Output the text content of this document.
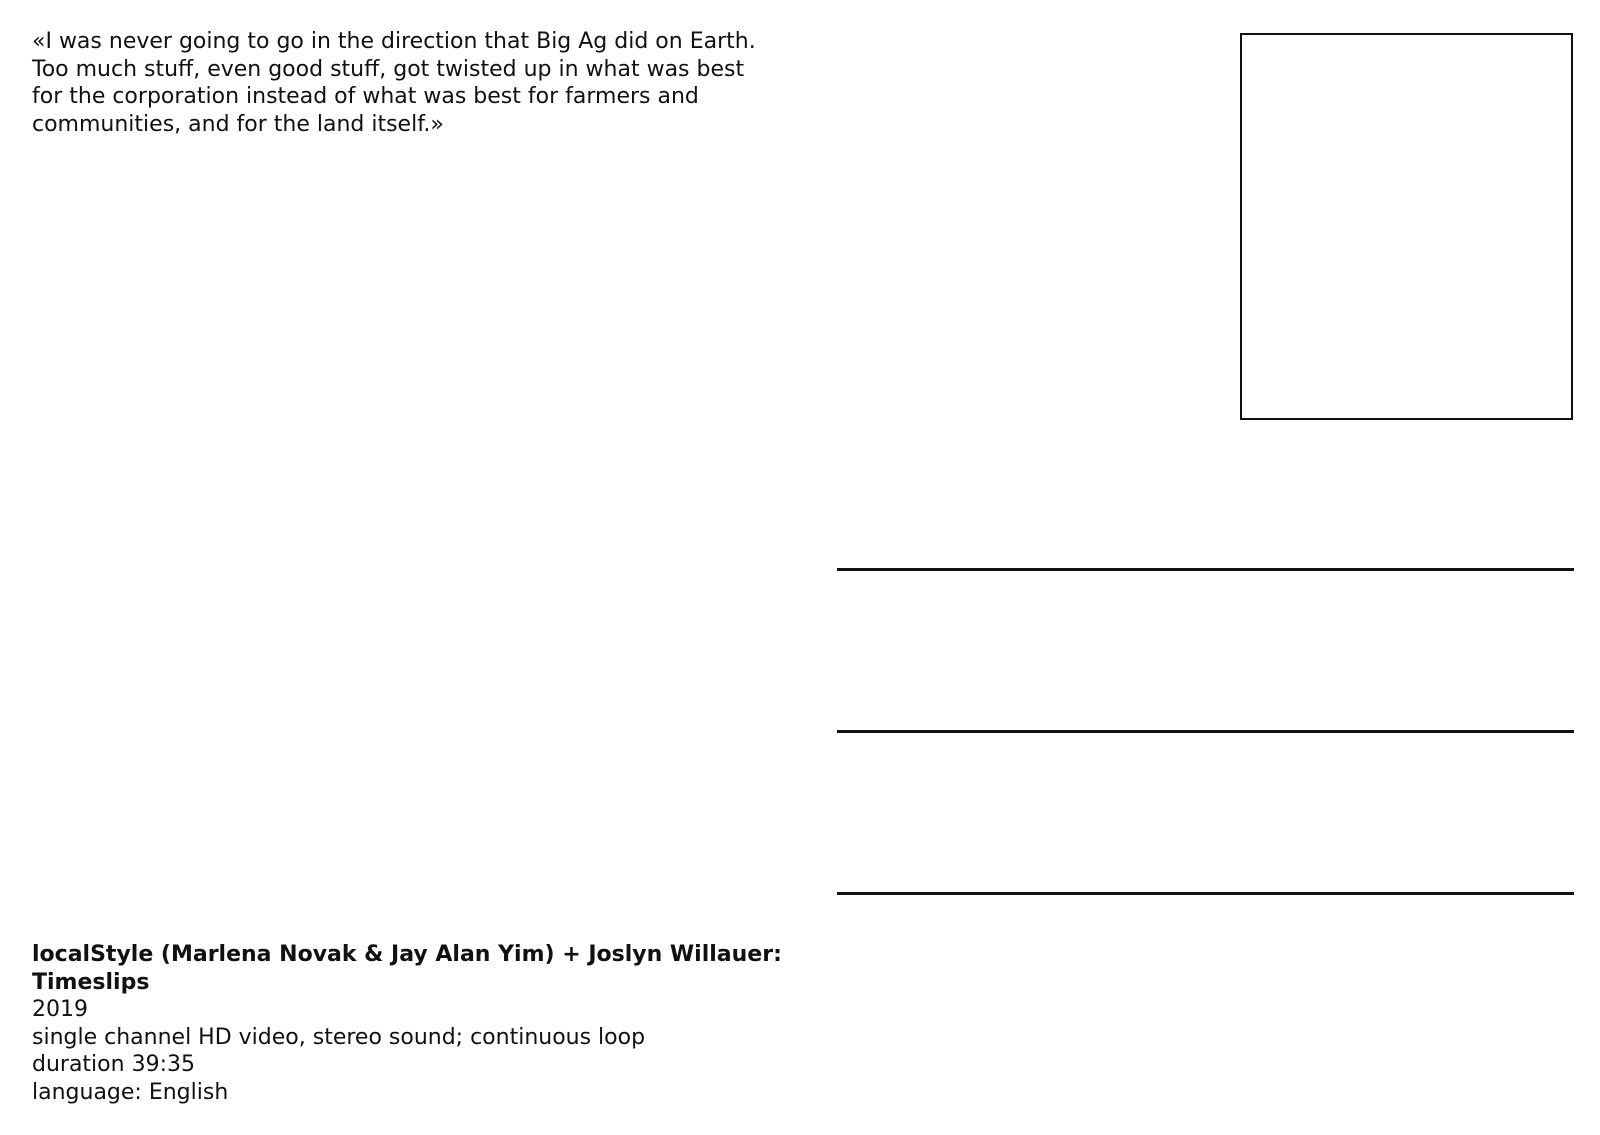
«I was never going to go in the direction that Big Ag did on Earth.
Too much stuff, even good stuff, got twisted up in what was best
for the corporation instead of what was best for farmers and
communities, and for the land itself.»

localStyle (Marlena Novak & Jay Alan Yim) + Joslyn Willauer:
Timeslips
2019
single channel HD video, stereo sound; continuous loop
duration 39:35
language: English
